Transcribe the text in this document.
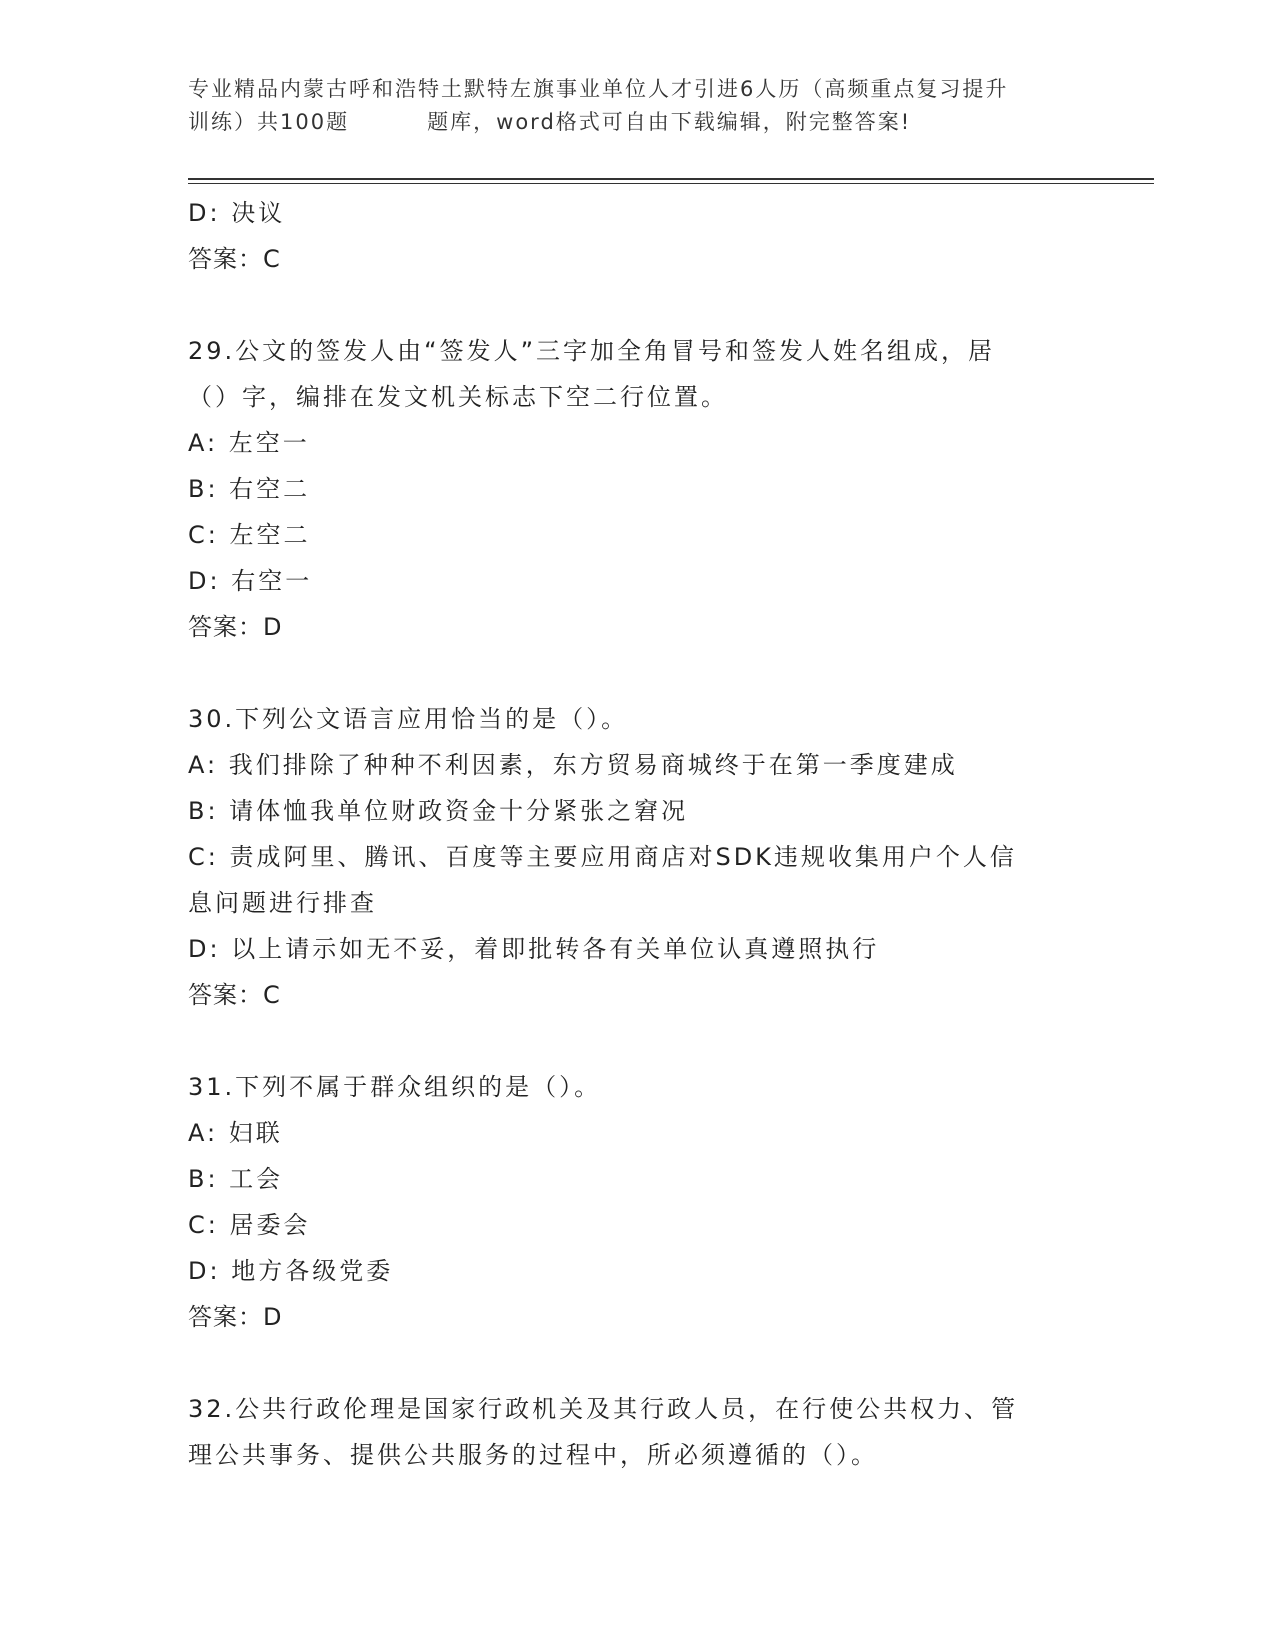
专业精品内蒙古呼和浩特土默特左旗事业单位人才引进6人历（高频重点复习提升
训练）共100题         题库，word格式可自由下载编辑，附完整答案!
D: 决议
答案：C
29.公文的签发人由“签发人”三字加全角冒号和签发人姓名组成，居
（）字，编排在发文机关标志下空二行位置。
A: 左空一
B: 右空二
C: 左空二
D: 右空一
答案：D
30.下列公文语言应用恰当的是（）。
A: 我们排除了种种不利因素，东方贸易商城终于在第一季度建成
B: 请体恤我单位财政资金十分紧张之窘况
C: 责成阿里、腾讯、百度等主要应用商店对SDK违规收集用户个人信
息问题进行排查
D: 以上请示如无不妥，着即批转各有关单位认真遵照执行
答案：C
31.下列不属于群众组织的是（）。
A: 妇联
B: 工会
C: 居委会
D: 地方各级党委
答案：D
32.公共行政伦理是国家行政机关及其行政人员，在行使公共权力、管
理公共事务、提供公共服务的过程中，所必须遵循的（）。
